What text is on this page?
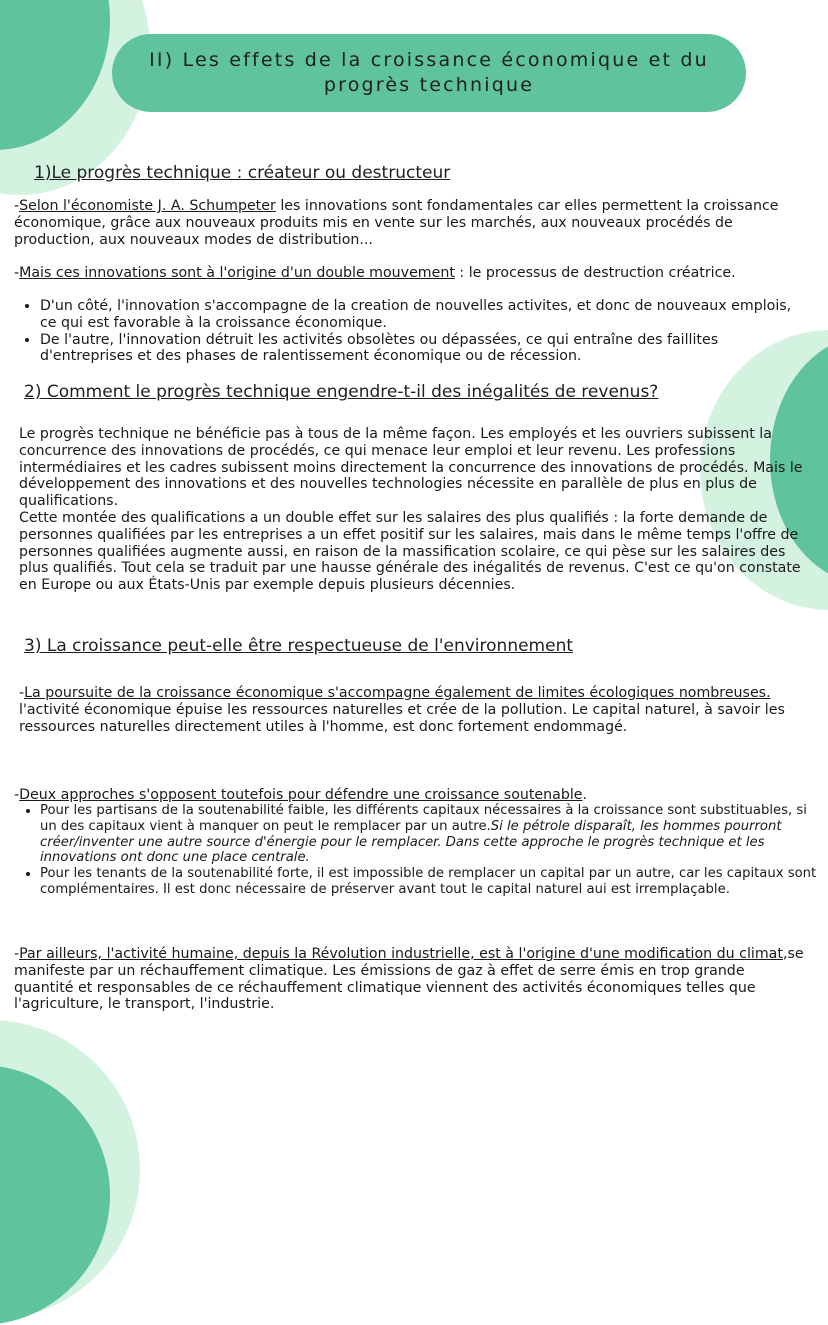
II) Les effets de la croissance économique et du progrès technique
1)Le progrès technique : créateur ou destructeur

-Selon l'économiste J. A. Schumpeter les innovations sont fondamentales car elles permettent la croissance économique, grâce aux nouveaux produits mis en vente sur les marchés, aux nouveaux procédés de production, aux nouveaux modes de distribution...

-Mais ces innovations sont à l'origine d'un double mouvement : le processus de destruction créatrice.

• D'un côté, l'innovation s'accompagne de la creation de nouvelles activites, et donc de nouveaux emplois, ce qui est favorable à la croissance économique.
• De l'autre, l'innovation détruit les activités obsolètes ou dépassées, ce qui entraîne des faillites d'entreprises et des phases de ralentissement économique ou de récession.
2) Comment le progrès technique engendre-t-il des inégalités de revenus?

Le progrès technique ne bénéficie pas à tous de la même façon. Les employés et les ouvriers subissent la concurrence des innovations de procédés, ce qui menace leur emploi et leur revenu. Les professions intermédiaires et les cadres subissent moins directement la concurrence des innovations de procédés. Mais le développement des innovations et des nouvelles technologies nécessite en parallèle de plus en plus de qualifications.

Cette montée des qualifications a un double effet sur les salaires des plus qualifiés : la forte demande de personnes qualifiées par les entreprises a un effet positif sur les salaires, mais dans le même temps l'offre de personnes qualifiées augmente aussi, en raison de la massification scolaire, ce qui pèse sur les salaires des plus qualifiés. Tout cela se traduit par une hausse générale des inégalités de revenus. C'est ce qu'on constate en Europe ou aux États-Unis par exemple depuis plusieurs décennies.

3) La croissance peut-elle être respectueuse de l'environnement

-La poursuite de la croissance économique s'accompagne également de limites écologiques nombreuses.
l'activité économique épuise les ressources naturelles et crée de la pollution. Le capital naturel, à savoir les ressources naturelles directement utiles à l'homme, est donc fortement endommagé.

-Deux approches s'opposent toutefois pour défendre une croissance soutenable.

• Pour les partisans de la soutenabilité faible, les différents capitaux nécessaires à la croissance sont substituables, si un des capitaux vient à manquer on peut le remplacer par un autre.Si le pétrole disparaît, les hommes pourront créer/inventer une autre source d'énergie pour le remplacer. Dans cette approche le progrès technique et les innovations ont donc une place centrale.
• Pour les tenants de la soutenabilité forte, il est impossible de remplacer un capital par un autre, car les capitaux sont complémentaires. Il est donc nécessaire de préserver avant tout le capital naturel aui est irremplaçable.

-Par ailleurs, l'activité humaine, depuis la Révolution industrielle, est à l'origine d'une modification du climat,se manifeste par un réchauffement climatique. Les émissions de gaz à effet de serre émis en trop grande quantité et responsables de ce réchauffement climatique viennent des activités économiques telles que l'agriculture, le transport, l'industrie.
